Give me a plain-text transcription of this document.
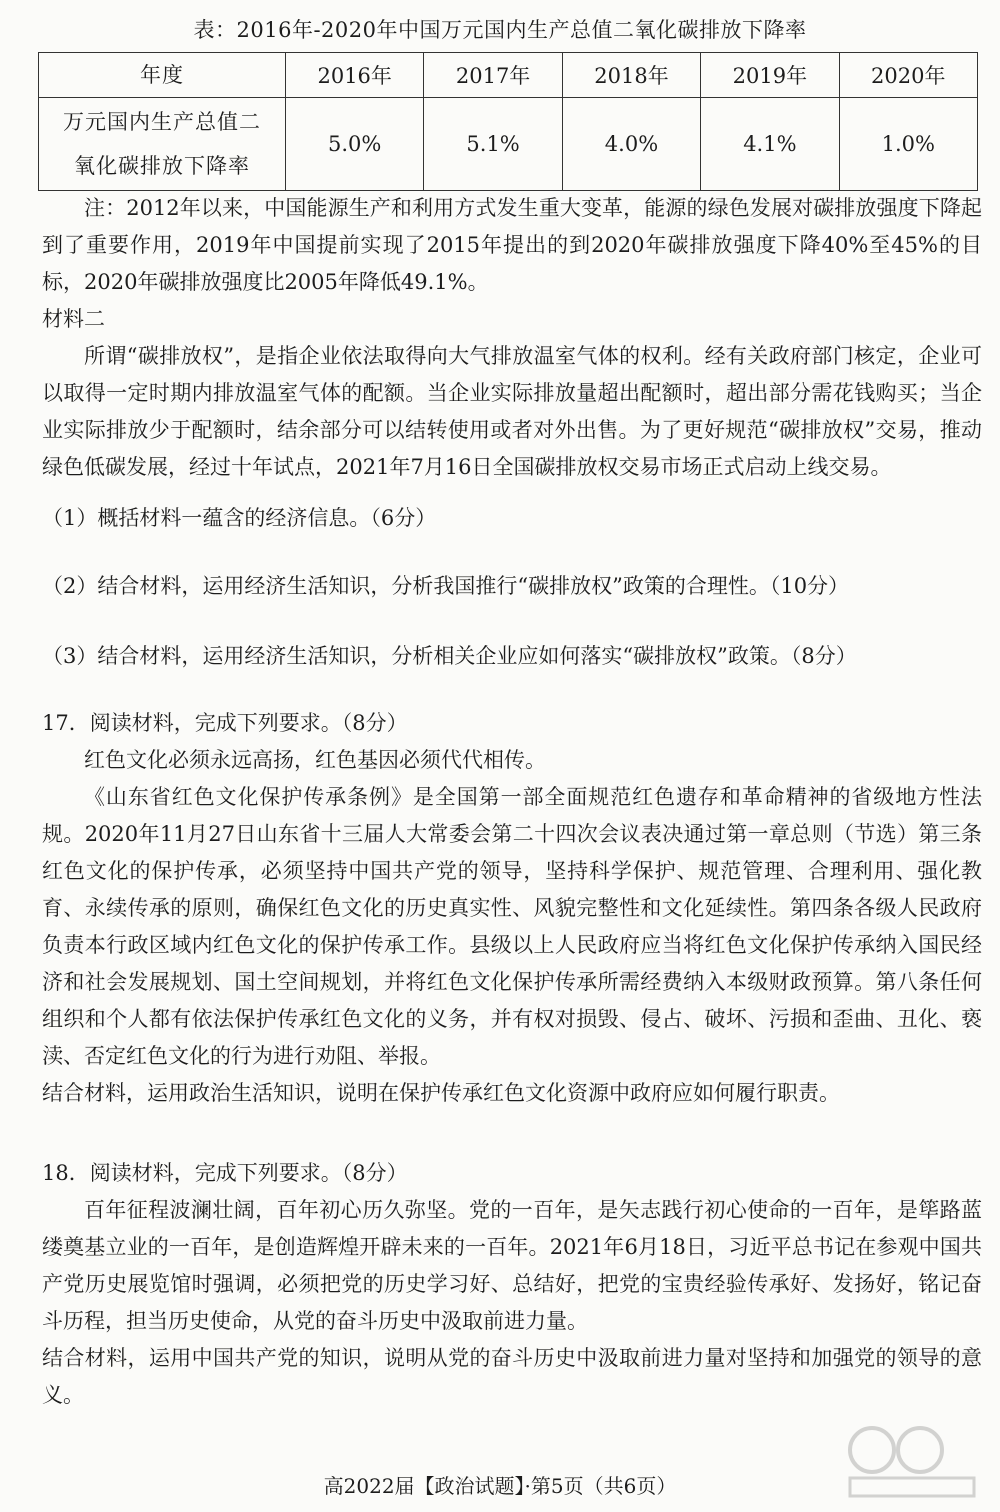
表：2016年-2020年中国万元国内生产总值二氧化碳排放下降率
年度	2016年	2017年	2018年	2019年	2020年

万元国内生产总值二
氧化碳排放下降率	5.0%	5.1%	4.0%	4.1%	1.0%

注：2012年以来，中国能源生产和利用方式发生重大变革，能源的绿色发展对碳排放强度下降起到了重要作用，2019年中国提前实现了2015年提出的到2020年碳排放强度下降40%至45%的目标，2020年碳排放强度比2005年降低49.1%。

材料二

所谓“碳排放权”，是指企业依法取得向大气排放温室气体的权利。经有关政府部门核定，企业可以取得一定时期内排放温室气体的配额。当企业实际排放量超出配额时，超出部分需花钱购买；当企业实际排放少于配额时，结余部分可以结转使用或者对外出售。为了更好规范“碳排放权”交易，推动绿色低碳发展，经过十年试点，2021年7月16日全国碳排放权交易市场正式启动上线交易。

（1）概括材料一蕴含的经济信息。（6分）
（2）结合材料，运用经济生活知识，分析我国推行“碳排放权”政策的合理性。（10分）
（3）结合材料，运用经济生活知识，分析相关企业应如何落实“碳排放权”政策。（8分）

17．阅读材料，完成下列要求。（8分）

红色文化必须永远高扬，红色基因必须代代相传。

《山东省红色文化保护传承条例》是全国第一部全面规范红色遗存和革命精神的省级地方性法规。2020年11月27日山东省十三届人大常委会第二十四次会议表决通过第一章总则（节选）第三条红色文化的保护传承，必须坚持中国共产党的领导，坚持科学保护、规范管理、合理利用、强化教育、永续传承的原则，确保红色文化的历史真实性、风貌完整性和文化延续性。第四条各级人民政府负责本行政区域内红色文化的保护传承工作。县级以上人民政府应当将红色文化保护传承纳入国民经济和社会发展规划、国土空间规划，并将红色文化保护传承所需经费纳入本级财政预算。第八条任何组织和个人都有依法保护传承红色文化的义务，并有权对损毁、侵占、破坏、污损和歪曲、丑化、亵渎、否定红色文化的行为进行劝阻、举报。

结合材料，运用政治生活知识，说明在保护传承红色文化资源中政府应如何履行职责。

18．阅读材料，完成下列要求。（8分）

百年征程波澜壮阔，百年初心历久弥坚。党的一百年，是矢志践行初心使命的一百年，是筚路蓝缕奠基立业的一百年，是创造辉煌开辟未来的一百年。2021年6月18日，习近平总书记在参观中国共产党历史展览馆时强调，必须把党的历史学习好、总结好，把党的宝贵经验传承好、发扬好，铭记奋斗历程，担当历史使命，从党的奋斗历史中汲取前进力量。

结合材料，运用中国共产党的知识，说明从党的奋斗历史中汲取前进力量对坚持和加强党的领导的意义。

高2022届【政治试题】·第5页（共6页）
